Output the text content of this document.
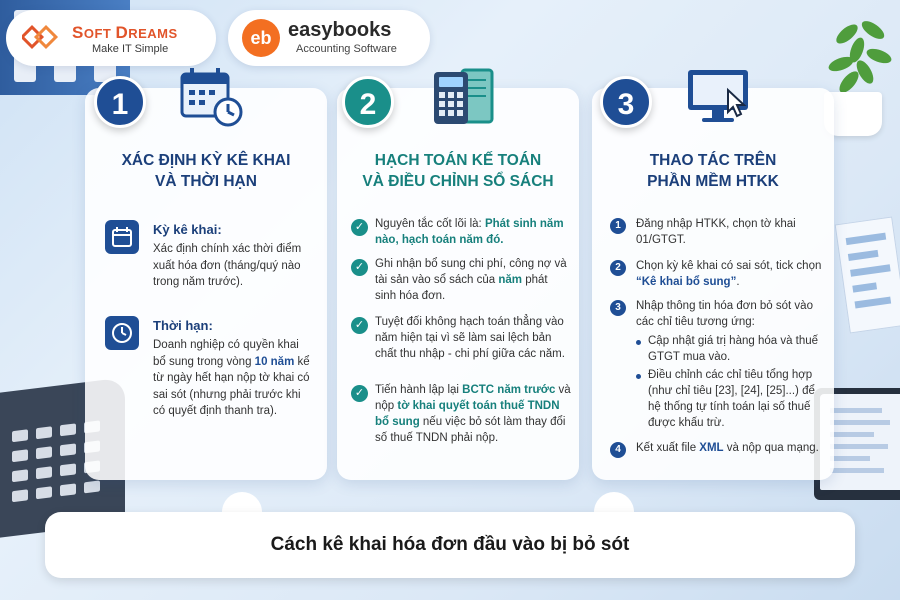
SOFT DREAMS
Make IT Simple
eb easybooks
Accounting Software
XÁC ĐỊNH KỲ KÊ KHAI
VÀ THỜI HẠN
Kỳ kê khai:
Xác định chính xác thời điểm xuất hóa đơn (tháng/quý nào trong năm trước).
Thời hạn:
Doanh nghiệp có quyền khai bổ sung trong vòng 10 năm kể từ ngày hết hạn nộp tờ khai có sai sót (nhưng phải trước khi có quyết định thanh tra).
HẠCH TOÁN KẾ TOÁN
VÀ ĐIỀU CHỈNH SỔ SÁCH
✓ Nguyên tắc cốt lõi là: Phát sinh năm nào, hạch toán năm đó.
✓ Ghi nhận bổ sung chi phí, công nợ và tài sản vào sổ sách của năm phát sinh hóa đơn.
✓ Tuyệt đối không hạch toán thẳng vào năm hiện tại vì sẽ làm sai lệch bản chất thu nhập - chi phí giữa các năm.
✓ Tiến hành lập lại BCTC năm trước và nộp tờ khai quyết toán thuế TNDN bổ sung nếu việc bỏ sót làm thay đổi số thuế TNDN phải nộp.
THAO TÁC TRÊN
PHẦN MỀM HTKK
1	Đăng nhập HTKK, chọn tờ khai 01/GTGT.
2	Chọn kỳ kê khai có sai sót, tick chọn “Kê khai bổ sung”.
3	Nhập thông tin hóa đơn bỏ sót vào các chỉ tiêu tương ứng:
Cập nhật giá trị hàng hóa và thuế GTGT mua vào.
Điều chỉnh các chỉ tiêu tổng hợp (như chỉ tiêu [23], [24], [25]...) để hệ thống tự tính toán lại số thuế được khấu trừ.
4	Kết xuất file XML và nộp qua mạng.
1	2	3
Cách kê khai hóa đơn đầu vào bị bỏ sót
